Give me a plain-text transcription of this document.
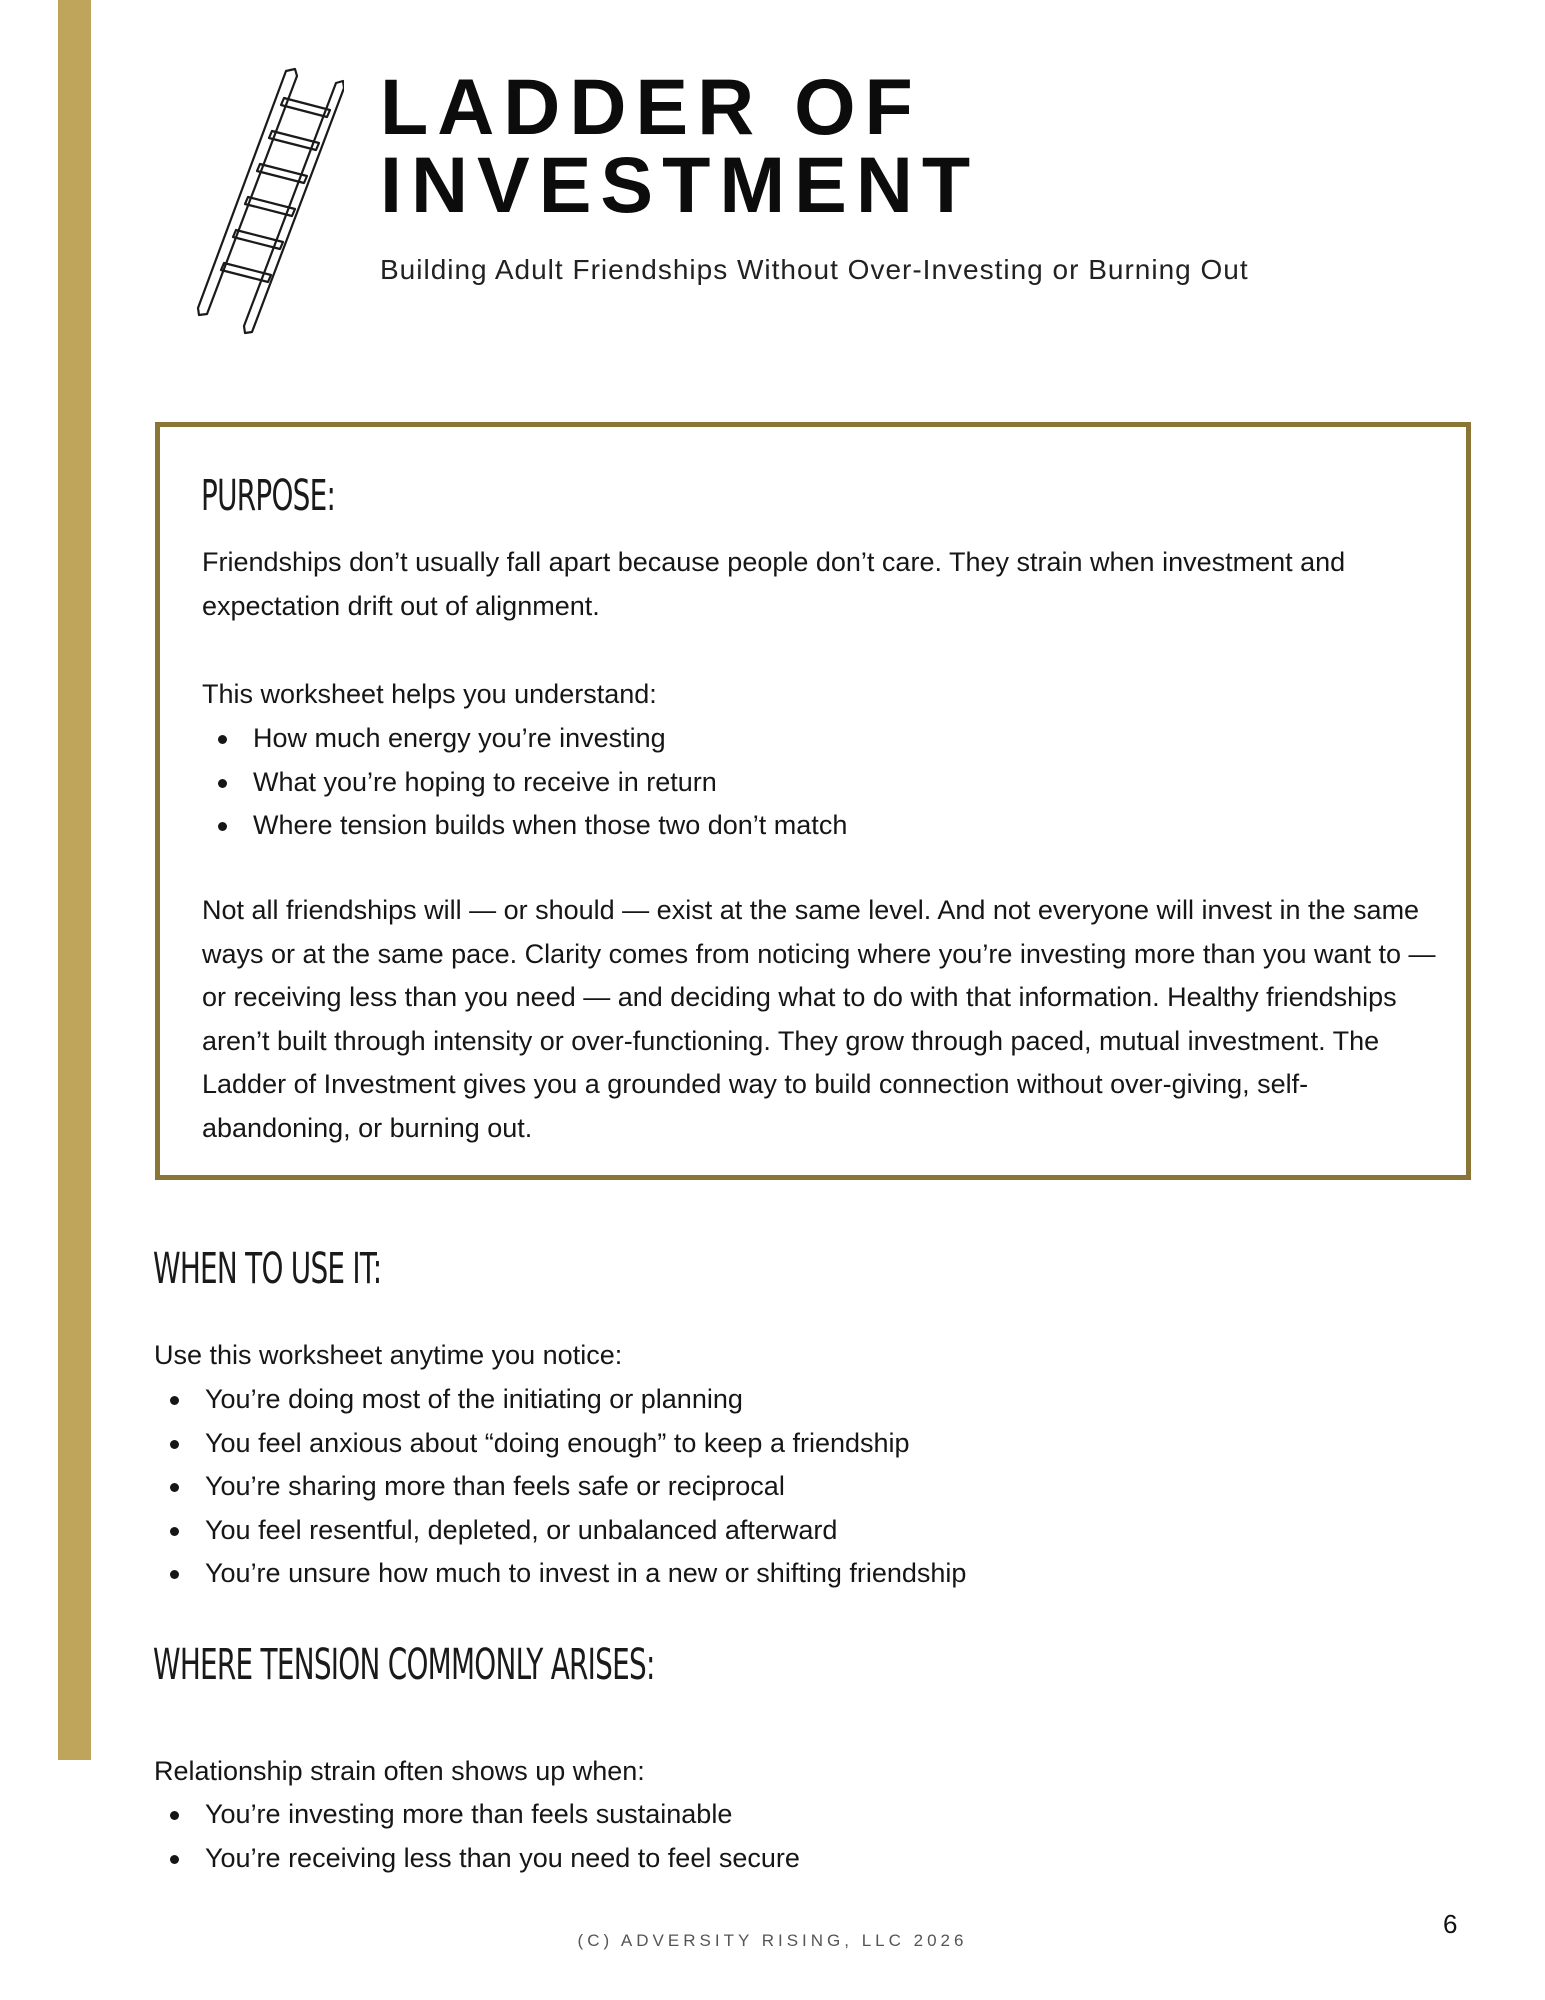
LADDER OF
INVESTMENT
Building Adult Friendships Without Over-Investing or Burning Out
PURPOSE:

Friendships don’t usually fall apart because people don’t care. They strain when investment and expectation drift out of alignment.

This worksheet helps you understand:

How much energy you’re investing
What you’re hoping to receive in return
Where tension builds when those two don’t match

Not all friendships will — or should — exist at the same level. And not everyone will invest in the same ways or at the same pace. Clarity comes from noticing where you’re investing more than you want to — or receiving less than you need — and deciding what to do with that information. Healthy friendships aren’t built through intensity or over-functioning. They grow through paced, mutual investment. The Ladder of Investment gives you a grounded way to build connection without over-giving, self-abandoning, or burning out.

WHEN TO USE IT:

Use this worksheet anytime you notice:

You’re doing most of the initiating or planning
You feel anxious about “doing enough” to keep a friendship
You’re sharing more than feels safe or reciprocal
You feel resentful, depleted, or unbalanced afterward
You’re unsure how much to invest in a new or shifting friendship
WHERE TENSION COMMONLY ARISES:

Relationship strain often shows up when:

You’re investing more than feels sustainable
You’re receiving less than you need to feel secure
(C) ADVERSITY RISING, LLC 2026
6
